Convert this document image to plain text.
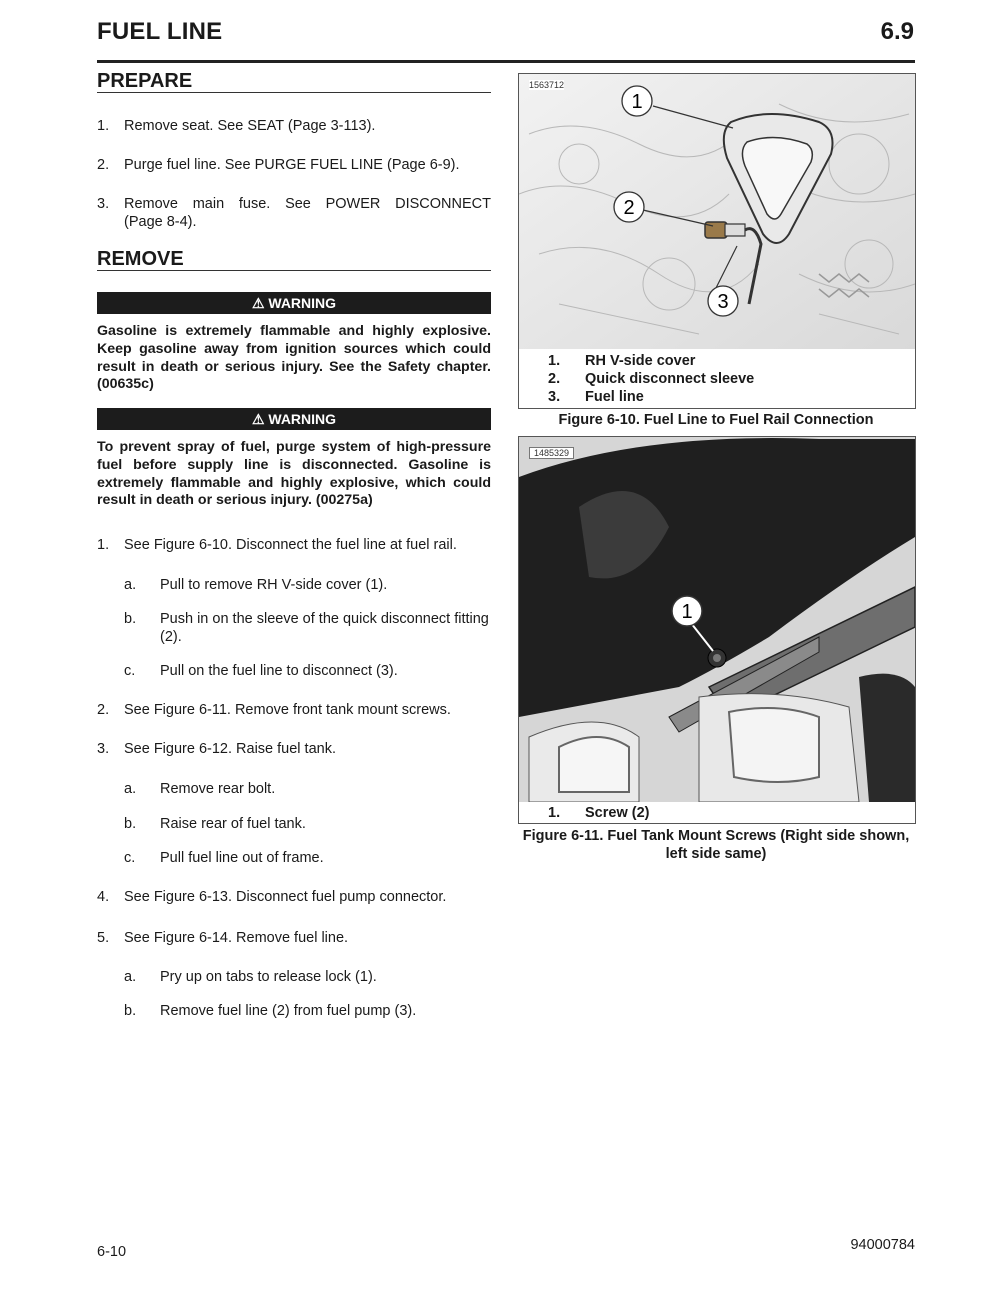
FUEL LINE	6.9
PREPARE
1. Remove seat. See SEAT (Page 3-113).
2. Purge fuel line. See PURGE FUEL LINE (Page 6-9).
3. Remove main fuse. See POWER DISCONNECT
(Page 8-4).
REMOVE
⚠ WARNING
Gasoline is extremely flammable and highly explosive. Keep gasoline away from ignition sources which could result in death or serious injury. See the Safety chapter. (00635c)
⚠ WARNING
To prevent spray of fuel, purge system of high-pressure fuel before supply line is disconnected. Gasoline is extremely flammable and highly explosive, which could result in death or serious injury. (00275a)
1. See Figure 6-10. Disconnect the fuel line at fuel rail.
a. Pull to remove RH V-side cover (1).
b. Push in on the sleeve of the quick disconnect fitting
(2).
c. Pull on the fuel line to disconnect (3).
2. See Figure 6-11. Remove front tank mount screws.
3. See Figure 6-12. Raise fuel tank.
a. Remove rear bolt.
b. Raise rear of fuel tank.
c. Pull fuel line out of frame.
4. See Figure 6-13. Disconnect fuel pump connector.
5. See Figure 6-14. Remove fuel line.
a. Pry up on tabs to release lock (1).
b. Remove fuel line (2) from fuel pump (3).
1
2
3
1563712
1. RH V-side cover
2. Quick disconnect sleeve
3. Fuel line
Figure 6-10. Fuel Line to Fuel Rail Connection
1
1485329
1. Screw (2)
Figure 6-11. Fuel Tank Mount Screws (Right side shown,
left side same)
6-10	94000784
